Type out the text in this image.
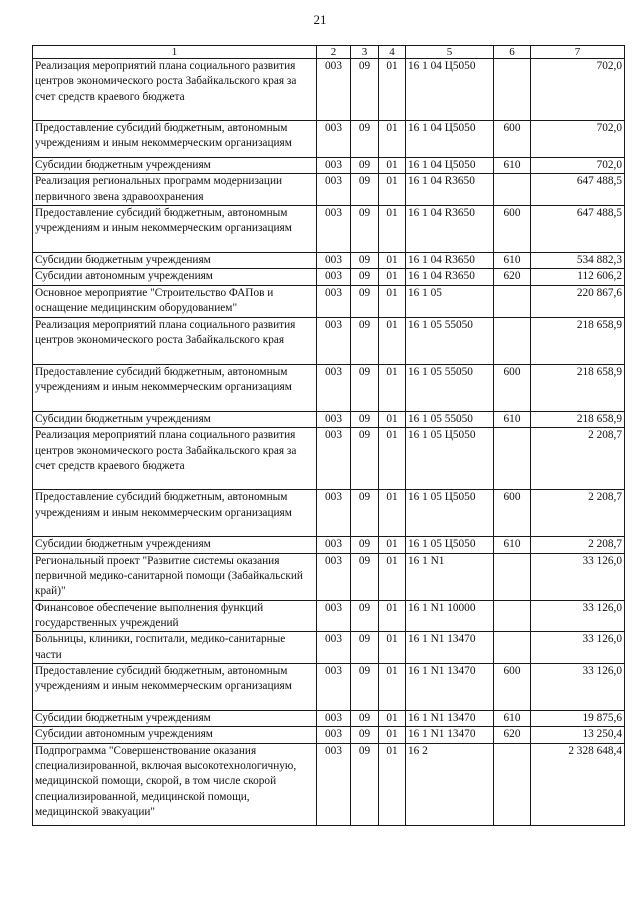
21
1	2	3	4	5	6	7
Реализация мероприятий плана социального развития центров экономического роста Забайкальского края за счет средств краевого бюджета	003	09	01	16 1 04 Ц5050		702,0
Предоставление субсидий бюджетным, автономным учреждениям и иным некоммерческим организациям	003	09	01	16 1 04 Ц5050	600	702,0
Субсидии бюджетным учреждениям	003	09	01	16 1 04 Ц5050	610	702,0
Реализация региональных программ модернизации первичного звена здравоохранения	003	09	01	16 1 04 R3650		647 488,5
Предоставление субсидий бюджетным, автономным учреждениям и иным некоммерческим организациям	003	09	01	16 1 04 R3650	600	647 488,5
Субсидии бюджетным учреждениям	003	09	01	16 1 04 R3650	610	534 882,3
Субсидии автономным учреждениям	003	09	01	16 1 04 R3650	620	112 606,2
Основное мероприятие "Строительство ФАПов и оснащение медицинским оборудованием"	003	09	01	16 1 05		220 867,6
Реализация мероприятий плана социального развития центров экономического роста Забайкальского края	003	09	01	16 1 05 55050		218 658,9
Предоставление субсидий бюджетным, автономным учреждениям и иным некоммерческим организациям	003	09	01	16 1 05 55050	600	218 658,9
Субсидии бюджетным учреждениям	003	09	01	16 1 05 55050	610	218 658,9
Реализация мероприятий плана социального развития центров экономического роста Забайкальского края за счет средств краевого бюджета	003	09	01	16 1 05 Ц5050		2 208,7
Предоставление субсидий бюджетным, автономным учреждениям и иным некоммерческим организациям	003	09	01	16 1 05 Ц5050	600	2 208,7
Субсидии бюджетным учреждениям	003	09	01	16 1 05 Ц5050	610	2 208,7
Региональный проект "Развитие системы оказания первичной медико-санитарной помощи (Забайкальский край)"	003	09	01	16 1 N1		33 126,0
Финансовое обеспечение выполнения функций государственных учреждений	003	09	01	16 1 N1 10000		33 126,0
Больницы, клиники, госпитали, медико-санитарные части	003	09	01	16 1 N1 13470		33 126,0
Предоставление субсидий бюджетным, автономным учреждениям и иным некоммерческим организациям	003	09	01	16 1 N1 13470	600	33 126,0
Субсидии бюджетным учреждениям	003	09	01	16 1 N1 13470	610	19 875,6
Субсидии автономным учреждениям	003	09	01	16 1 N1 13470	620	13 250,4
Подпрограмма "Совершенствование оказания специализированной, включая высокотехнологичную, медицинской помощи, скорой, в том числе скорой специализированной, медицинской помощи, медицинской эвакуации"	003	09	01	16 2		2 328 648,4
